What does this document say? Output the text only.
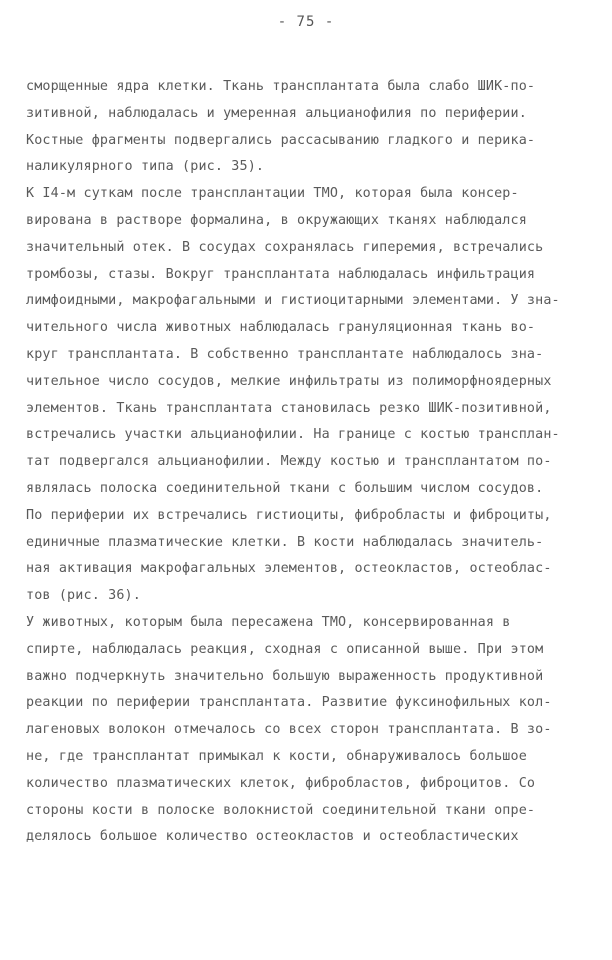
- 75 -
сморщенные ядра клетки. Ткань трансплантата была слабо ШИК-по-
зитивной, наблюдалась и умеренная альцианофилия по периферии.
Костные фрагменты подвергались рассасыванию гладкого и перика-
наликулярного типа (рис. 35).
К I4-м суткам после трансплантации ТМО, которая была консер-
вирована в растворе формалина, в окружающих тканях наблюдался
значительный отек. В сосудах сохранялась гиперемия, встречались
тромбозы, стазы. Вокруг трансплантата наблюдалась инфильтрация
лимфоидными, макрофагальными и гистиоцитарными элементами. У зна-
чительного числа животных наблюдалась грануляционная ткань во-
круг трансплантата. В собственно трансплантате наблюдалось зна-
чительное число сосудов, мелкие инфильтраты из полиморфноядерных
элементов. Ткань трансплантата становилась резко ШИК-позитивной,
встречались участки альцианофилии. На границе с костью трансплан-
тат подвергался альцианофилии. Между костью и трансплантатом по-
являлась полоска соединительной ткани с большим числом сосудов.
По периферии их встречались гистиоциты, фибробласты и фиброциты,
единичные плазматические клетки. В кости наблюдалась значитель-
ная активация макрофагальных элементов, остеокластов, остеоблас-
тов (рис. 36).
У животных, которым была пересажена ТМО, консервированная в
спирте, наблюдалась реакция, сходная с описанной выше. При этом
важно подчеркнуть значительно большую выраженность продуктивной
реакции по периферии трансплантата. Развитие фуксинофильных кол-
лагеновых волокон отмечалось со всех сторон трансплантата. В зо-
не, где трансплантат примыкал к кости, обнаруживалось большое
количество плазматических клеток, фибробластов, фиброцитов. Со
стороны кости в полоске волокнистой соединительной ткани опре-
делялось большое количество остеокластов и остеобластических
